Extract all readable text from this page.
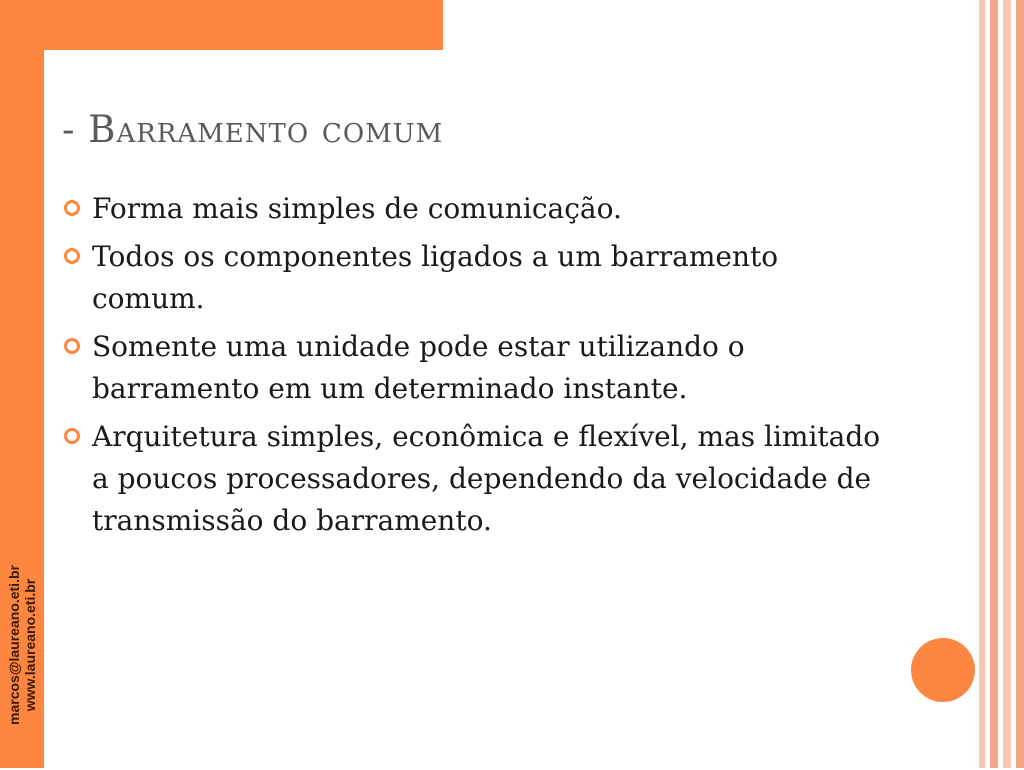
marcos@laureano.eti.br www.laureano.eti.br
- Barramento comum
Forma mais simples de comunicação.
Todos os componentes ligados a um barramento comum.
Somente uma unidade pode estar utilizando o barramento em um determinado instante.
Arquitetura simples, econômica e flexível, mas limitado a poucos processadores, dependendo da velocidade de transmissão do barramento.
